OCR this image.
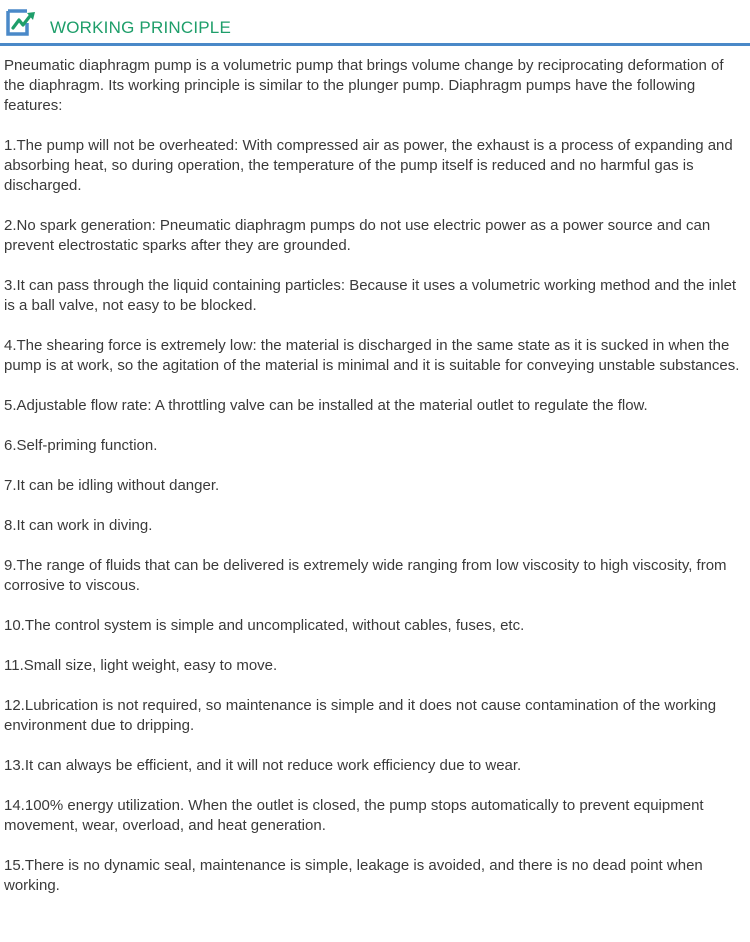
WORKING PRINCIPLE

Pneumatic diaphragm pump is a volumetric pump that brings volume change by reciprocating deformation of the diaphragm. Its working principle is similar to the plunger pump. Diaphragm pumps have the following features:

1.The pump will not be overheated: With compressed air as power, the exhaust is a process of expanding and absorbing heat, so during operation, the temperature of the pump itself is reduced and no harmful gas is discharged.

2.No spark generation: Pneumatic diaphragm pumps do not use electric power as a power source and can prevent electrostatic sparks after they are grounded.

3.It can pass through the liquid containing particles: Because it uses a volumetric working method and the inlet is a ball valve, not easy to be blocked.

4.The shearing force is extremely low: the material is discharged in the same state as it is sucked in when the pump is at work, so the agitation of the material is minimal and it is suitable for conveying unstable substances.

5.Adjustable flow rate: A throttling valve can be installed at the material outlet to regulate the flow.

6.Self-priming function.

7.It can be idling without danger.

8.It can work in diving.

9.The range of fluids that can be delivered is extremely wide ranging from low viscosity to high viscosity, from corrosive to viscous.

10.The control system is simple and uncomplicated, without cables, fuses, etc.

11.Small size, light weight, easy to move.

12.Lubrication is not required, so maintenance is simple and it does not cause contamination of the working environment due to dripping.

13.It can always be efficient, and it will not reduce work efficiency due to wear.

14.100% energy utilization. When the outlet is closed, the pump stops automatically to prevent equipment movement, wear, overload, and heat generation.

15.There is no dynamic seal, maintenance is simple, leakage is avoided, and there is no dead point when working.
